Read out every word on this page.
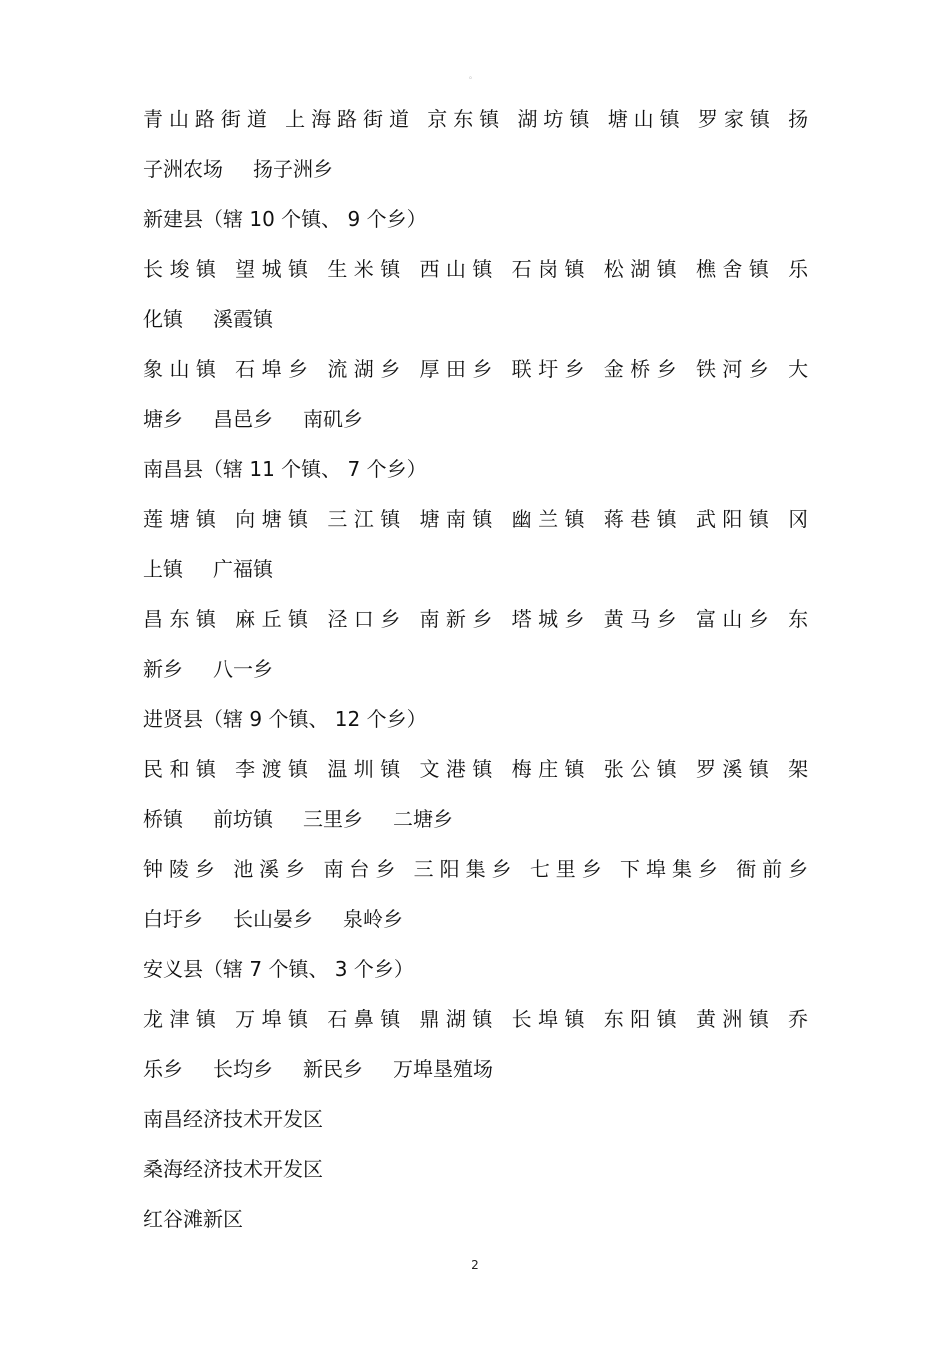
。
青山路街道 上海路街道 京东镇 湖坊镇 塘山镇 罗家镇 扬
子洲农场   扬子洲乡
新建县（辖 10 个镇、 9 个乡）
长埈镇 望城镇 生米镇 西山镇 石岗镇 松湖镇 樵舍镇 乐
化镇   溪霞镇
象山镇 石埠乡 流湖乡 厚田乡 联圩乡 金桥乡 铁河乡 大
塘乡   昌邑乡   南矶乡
南昌县（辖 11 个镇、 7 个乡）
莲塘镇 向塘镇 三江镇 塘南镇 幽兰镇 蒋巷镇 武阳镇 冈
上镇   广福镇
昌东镇 麻丘镇 泾口乡 南新乡 塔城乡 黄马乡 富山乡 东
新乡   八一乡
进贤县（辖 9 个镇、 12 个乡）
民和镇 李渡镇 温圳镇 文港镇 梅庄镇 张公镇 罗溪镇 架
桥镇   前坊镇   三里乡   二塘乡
钟陵乡 池溪乡 南台乡 三阳集乡 七里乡 下埠集乡 衙前乡
白圩乡   长山晏乡   泉岭乡
安义县（辖 7 个镇、 3 个乡）
龙津镇 万埠镇 石鼻镇 鼎湖镇 长埠镇 东阳镇 黄洲镇 乔
乐乡   长均乡   新民乡   万埠垦殖场
南昌经济技术开发区
桑海经济技术开发区
红谷滩新区
2
